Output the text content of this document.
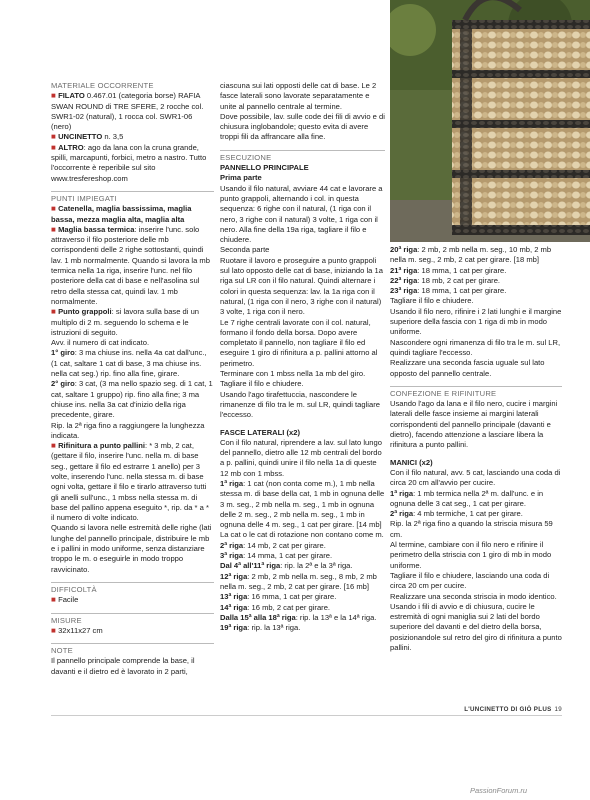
MATERIALE OCCORRENTE

■ FILATO 0.467.01 (categoria borse) RAFIA SWAN ROUND di TRE SFERE, 2 rocche col. SWR1-02 (natural), 1 rocca col. SWR1-06 (nero)

■ UNCINETTO n. 3,5

■ ALTRO: ago da lana con la cruna grande, spilli, marcapunti, forbici, metro a nastro. Tutto l'occorrente è reperibile sul sito www.tresfereshop.com

PUNTI IMPIEGATI

■ Catenella, maglia bassissima, maglia bassa, mezza maglia alta, maglia alta

■ Maglia bassa termica: inserire l'unc. solo attraverso il filo posteriore delle mb corrispondenti delle 2 righe sottostanti, quindi lav. 1 mb normalmente. Quando si lavora la mb termica nella 1a riga, inserire l'unc. nel filo posteriore della cat di base e nell'asolina sul retro della stessa cat, quindi lav. 1 mb normalmente.

■ Punto grappoli: si lavora sulla base di un multiplo di 2 m. seguendo lo schema e le istruzioni di seguito.

Avv. il numero di cat indicato.

1° giro: 3 ma chiuse ins. nella 4a cat dall'unc., (1 cat, saltare 1 cat di base, 3 ma chiuse ins. nella cat seg.) rip. fino alla fine, girare.

2° giro: 3 cat, (3 ma nello spazio seg. di 1 cat, 1 cat, saltare 1 gruppo) rip. fino alla fine; 3 ma chiuse ins. nella 3a cat d'inizio della riga precedente, girare.

Rip. la 2ª riga fino a raggiungere la lunghezza indicata.

■ Rifinitura a punto pallini: * 3 mb, 2 cat, (gettare il filo, inserire l'unc. nella m. di base seg., gettare il filo ed estrarre 1 anello) per 3 volte, inserendo l'unc. nella stessa m. di base ogni volta, gettare il filo e tirarlo attraverso tutti gli anelli sull'unc., 1 mbss nella stessa m. di base del pallino appena eseguito *, rip. da * a * il numero di volte indicato.

Quando si lavora nelle estremità delle righe (lati lunghe del pannello principale, distribuire le mb e i pallini in modo uniforme, senza distanziare troppo le m. o eseguirle in modo troppo ravvicinato.

DIFFICOLTÀ

■ Facile

MISURE

■ 32x11x27 cm

NOTE

Il pannello principale comprende la base, il davanti e il dietro ed è lavorato in 2 parti,

ciascuna sui lati opposti delle cat di base. Le 2 fasce laterali sono lavorate separatamente e unite al pannello centrale al termine.

Dove possibile, lav. sulle code dei fili di avvio e di chiusura inglobandole; questo evita di avere troppi fili da affrancare alla fine.

ESECUZIONE

PANNELLO PRINCIPALE

Prima parte

Usando il filo natural, avviare 44 cat e lavorare a punto grappoli, alternando i col. in questa sequenza: 6 righe con il natural, (1 riga con il nero, 3 righe con il natural) 3 volte, 1 riga con il nero. Alla fine della 19a riga, tagliare il filo e chiudere.

Seconda parte

Ruotare il lavoro e proseguire a punto grappoli sul lato opposto delle cat di base, iniziando la 1a riga sul LR con il filo natural. Quindi alternare i colori in questa sequenza: lav. la 1a riga con il natural, (1 riga con il nero, 3 righe con il natural) 3 volte, 1 riga con il nero.

Le 7 righe centrali lavorate con il col. natural, formano il fondo della borsa. Dopo avere completato il pannello, non tagliare il filo ed eseguire 1 giro di rifinitura a p. pallini attorno al perimetro.

Terminare con 1 mbss nella 1a mb del giro. Tagliare il filo e chiudere.

Usando l'ago tirafettuccia, nascondere le rimanenze di filo tra le m. sul LR, quindi tagliare l'eccesso.

FASCE LATERALI (x2)

Con il filo natural, riprendere a lav. sul lato lungo del pannello, dietro alle 12 mb centrali del bordo a p. pallini, quindi unire il filo nella 1a di queste 12 mb con 1 mbss.

1ª riga: 1 cat (non conta come m.), 1 mb nella stessa m. di base della cat, 1 mb in ognuna delle 3 m. seg., 2 mb nella m. seg., 1 mb in ognuna delle 2 m. seg., 2 mb nella m. seg., 1 mb in ognuna delle 4 m. seg., 1 cat per girare. [14 mb]

La cat o le cat di rotazione non contano come m.

2ª riga: 14 mb, 2 cat per girare.

3ª riga: 14 mma, 1 cat per girare.

Dal 4ª all'11ª riga: rip. la 2ª e la 3ª riga.

12ª riga: 2 mb, 2 mb nella m. seg., 8 mb, 2 mb nella m. seg., 2 mb, 2 cat per girare. [16 mb]

13ª riga: 16 mma, 1 cat per girare.

14ª riga: 16 mb, 2 cat per girare.

Dalla 15ª alla 18ª riga: rip. la 13ª e la 14ª riga.

19ª riga: rip. la 13ª riga.

20ª riga: 2 mb, 2 mb nella m. seg., 10 mb, 2 mb nella m. seg., 2 mb, 2 cat per girare. [18 mb]

21ª riga: 18 mma, 1 cat per girare.

22ª riga: 18 mb, 2 cat per girare.

23ª riga: 18 mma, 1 cat per girare.

Tagliare il filo e chiudere.

Usando il filo nero, rifinire i 2 lati lunghi e il margine superiore della fascia con 1 riga di mb in modo uniforme.

Nascondere ogni rimanenza di filo tra le m. sul LR, quindi tagliare l'eccesso.

Realizzare una seconda fascia uguale sul lato opposto del pannello centrale.

CONFEZIONE E RIFINITURE

Usando l'ago da lana e il filo nero, cucire i margini laterali delle fasce insieme ai margini laterali corrispondenti del pannello principale (davanti e dietro), facendo attenzione a lasciare libera la rifinitura a punto pallini.

MANICI (x2)

Con il filo natural, avv. 5 cat, lasciando una coda di circa 20 cm all'avvio per cucire.

1ª riga: 1 mb termica nella 2ª m. dall'unc. e in ognuna delle 3 cat seg., 1 cat per girare.

2ª riga: 4 mb termiche, 1 cat per girare.

Rip. la 2ª riga fino a quando la striscia misura 59 cm.

Al termine, cambiare con il filo nero e rifinire il perimetro della striscia con 1 giro di mb in modo uniforme.

Tagliare il filo e chiudere, lasciando una coda di circa 20 cm per cucire.

Realizzare una seconda striscia in modo identico.

Usando i fili di avvio e di chiusura, cucire le estremità di ogni maniglia sui 2 lati del bordo superiore del davanti e del dietro della borsa, posizionandole sul retro del giro di rifinitura a punto pallini.

L'UNCINETTO DI GIÒ PLUS 19
PassionForum.ru
